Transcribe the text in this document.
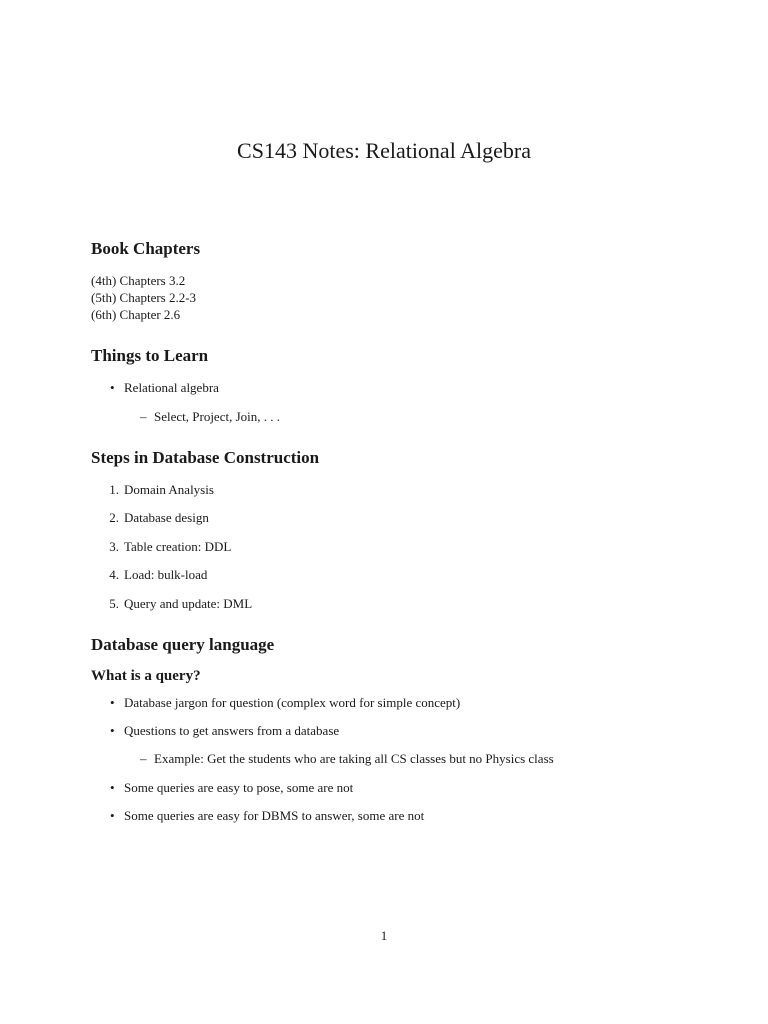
CS143 Notes: Relational Algebra
Book Chapters
(4th) Chapters 3.2
(5th) Chapters 2.2-3
(6th) Chapter 2.6
Things to Learn
• Relational algebra
– Select, Project, Join, . . .
Steps in Database Construction
1. Domain Analysis
2. Database design
3. Table creation: DDL
4. Load: bulk-load
5. Query and update: DML
Database query language
What is a query?
• Database jargon for question (complex word for simple concept)
• Questions to get answers from a database
– Example: Get the students who are taking all CS classes but no Physics class
• Some queries are easy to pose, some are not
• Some queries are easy for DBMS to answer, some are not
1
